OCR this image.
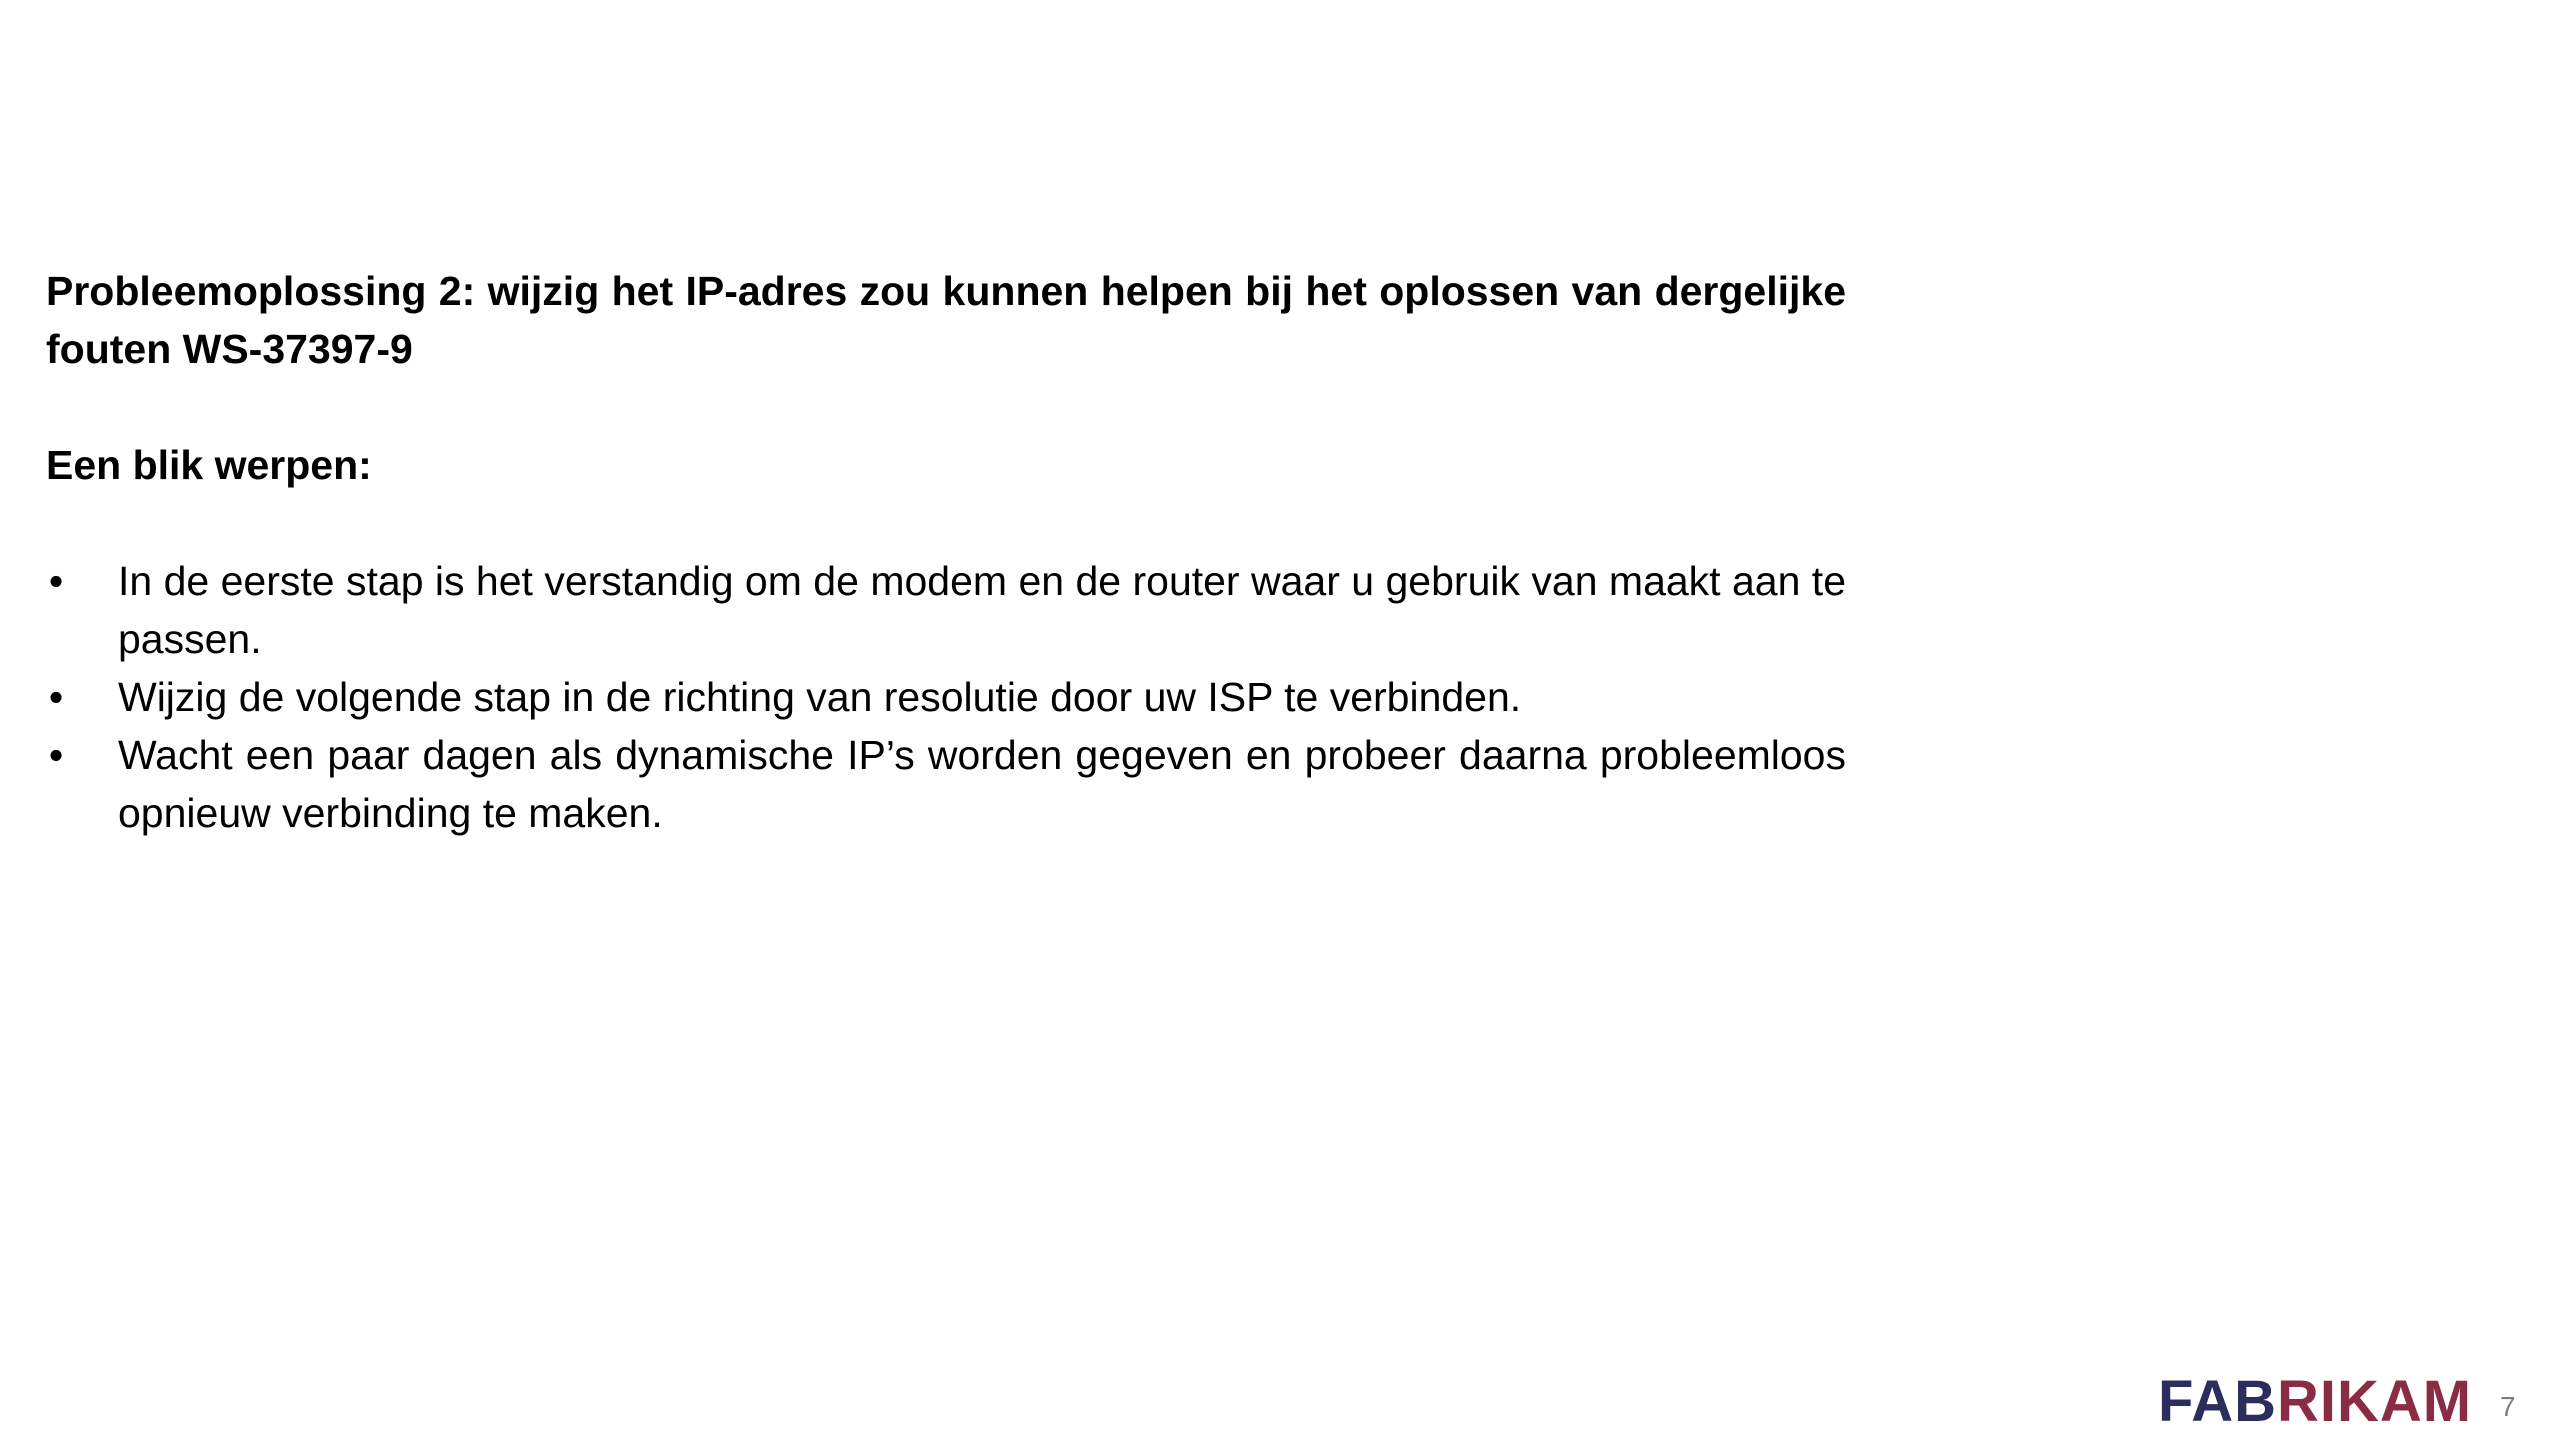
Probleemoplossing 2: wijzig het IP-adres zou kunnen helpen bij het oplossen van dergelijke fouten WS-37397-9

Een blik werpen:

• In de eerste stap is het verstandig om de modem en de router waar u gebruik van maakt aan te passen.
• Wijzig de volgende stap in de richting van resolutie door uw ISP te verbinden.
• Wacht een paar dagen als dynamische IP’s worden gegeven en probeer daarna probleemloos opnieuw verbinding te maken.
FABRIKAM 7
